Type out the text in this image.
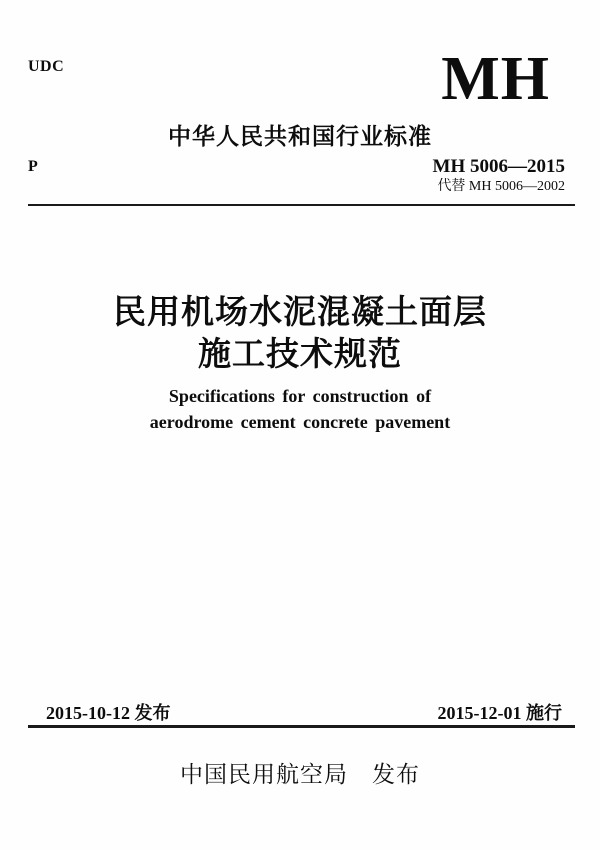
UDC	MH
中华人民共和国行业标准
P	MH 5006—2015
代替 MH 5006—2002
民用机场水泥混凝土面层
施工技术规范
Specifications for construction of
aerodrome cement concrete pavement
2015-10-12 发布	2015-12-01 施行
中国民用航空局　发布
